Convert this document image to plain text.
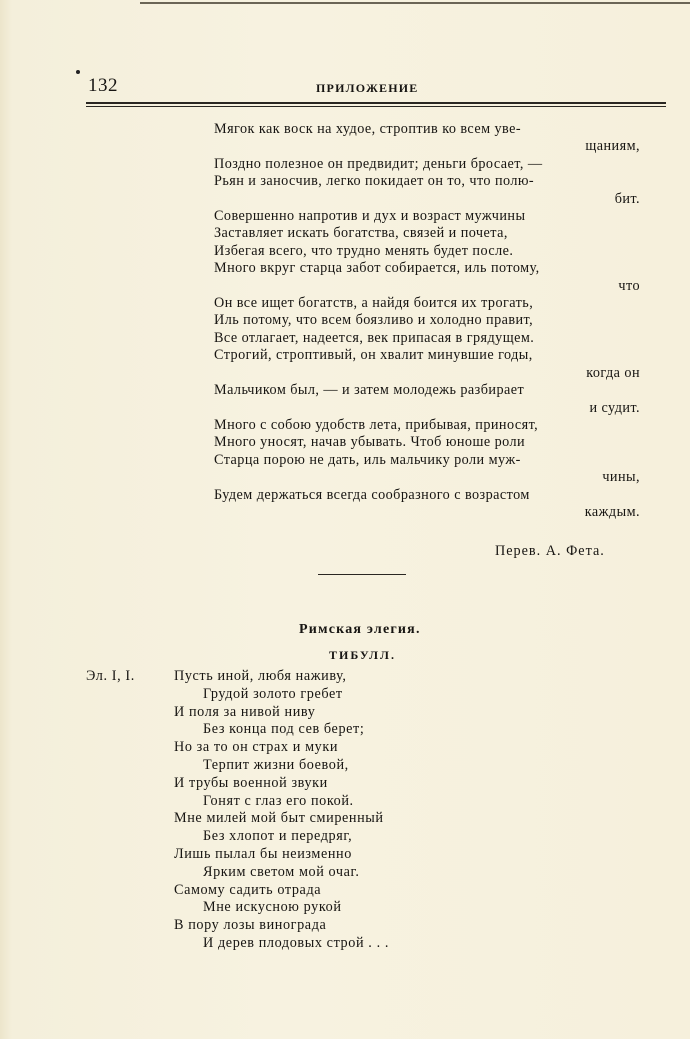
132	ПРИЛОЖЕНИЕ
Мягок как воск на худое, строптив ко всем уве-
щаниям,
Поздно полезное он предвидит; деньги бросает, —
Рьян и заносчив, легко покидает он то, что полю-
бит.
Совершенно напротив и дух и возраст мужчины
Заставляет искать богатства, связей и почета,
Избегая всего, что трудно менять будет после.
Много вкруг старца забот собирается, иль потому,
что
Он все ищет богатств, а найдя боится их трогать,
Иль потому, что всем боязливо и холодно правит,
Все отлагает, надеется, век припасая в грядущем.
Строгий, строптивый, он хвалит минувшие годы,
когда он
Мальчиком был, — и затем молодежь разбирает
и судит.
Много с собою удобств лета, прибывая, приносят,
Много уносят, начав убывать. Чтоб юноше роли
Старца порою не дать, иль мальчику роли муж-
чины,
Будем держаться всегда сообразного с возрастом
каждым.
Перев. А. Фета.
Римская элегия.
ТИБУЛЛ.
Эл. I, I.	Пусть иной, любя наживу,
Грудой золото гребет
И поля за нивой ниву
Без конца под сев берет;
Но за то он страх и муки
Терпит жизни боевой,
И трубы военной звуки
Гонят с глаз его покой.
Мне милей мой быт смиренный
Без хлопот и передряг,
Лишь пылал бы неизменно
Ярким светом мой очаг.
Самому садить отрада
Мне искусною рукой
В пору лозы винограда
И дерев плодовых строй . . .
